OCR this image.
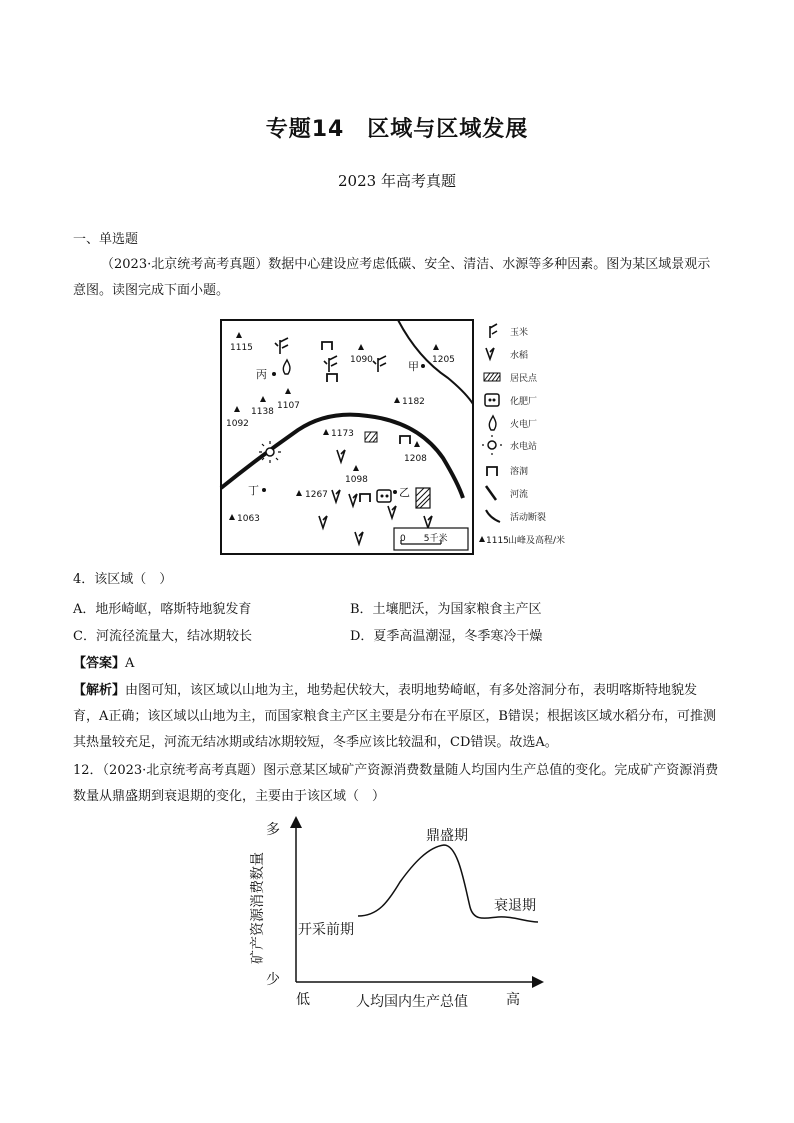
专题14　区域与区域发展
2023 年高考真题
一、单选题
（2023·北京统考高考真题）数据中心建设应考虑低碳、安全、清洁、水源等多种因素。图为某区域景观示意图。读图完成下面小题。
1115
1090	1205
1138
1107
1092
1182
1173
1208
1098
1267
1063
丙
甲
丁	乙
0　　5千米
玉米
水稻
居民点
化肥厂
火电厂
水电站
溶洞
河流
活动断裂
1115 山峰及高程/米
4．该区域（　）
A．地形崎岖，喀斯特地貌发育	B．土壤肥沃，为国家粮食主产区
C．河流径流量大，结冰期较长	D．夏季高温潮湿，冬季寒冷干燥
【答案】A
【解析】由图可知，该区域以山地为主，地势起伏较大，表明地势崎岖，有多处溶洞分布，表明喀斯特地貌发育，A正确；该区域以山地为主，而国家粮食主产区主要是分布在平原区，B错误；根据该区域水稻分布，可推测其热量较充足，河流无结冰期或结冰期较短，冬季应该比较温和，CD错误。故选A。
12．（2023·北京统考高考真题）图示意某区域矿产资源消费数量随人均国内生产总值的变化。完成矿产资源消费数量从鼎盛期到衰退期的变化，主要由于该区域（　）
多
少
低	高
人均国内生产总值
开采前期
鼎盛期
衰退期
矿产资源消费数量
